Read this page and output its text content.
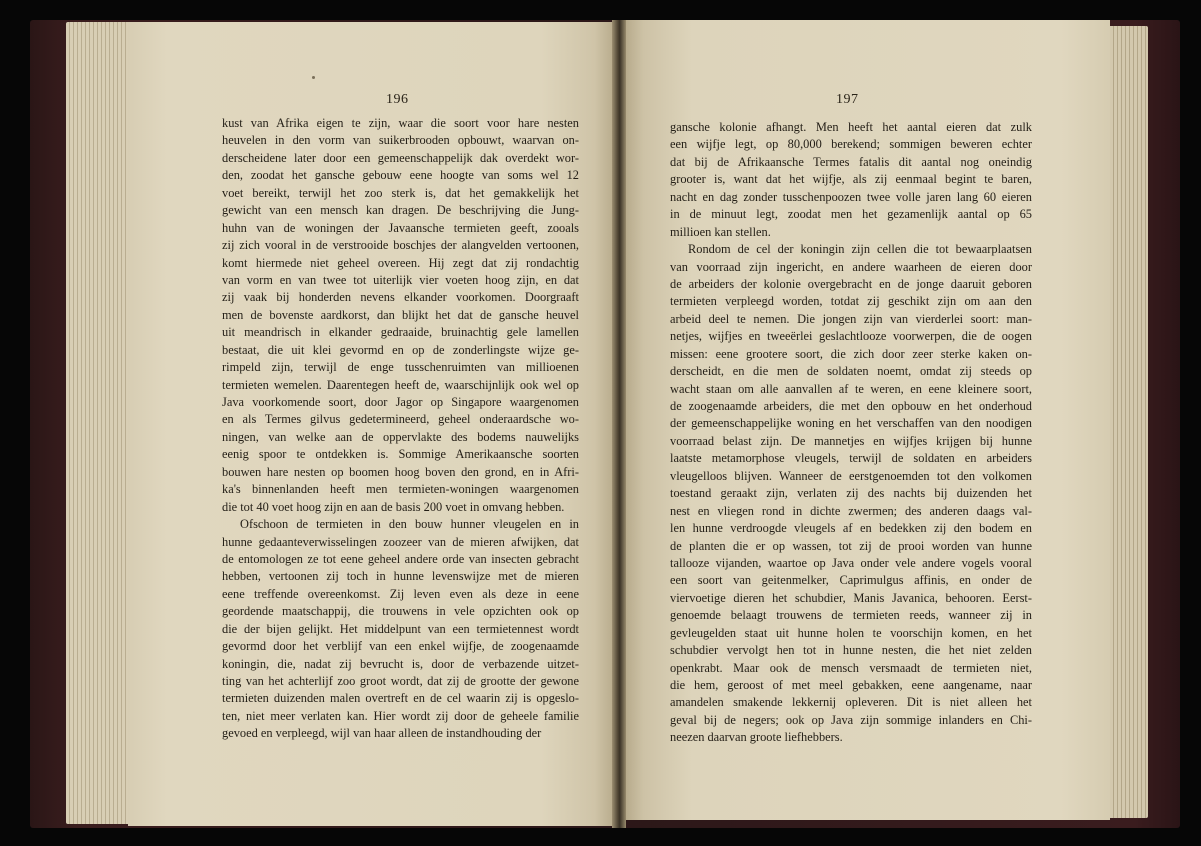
196	197
kust van Afrika eigen te zijn, waar die soort voor hare nesten
heuvelen in den vorm van suikerbrooden opbouwt, waarvan on-
derscheidene later door een gemeenschappelijk dak overdekt wor-
den, zoodat het gansche gebouw eene hoogte van soms wel 12
voet bereikt, terwijl het zoo sterk is, dat het gemakkelijk het
gewicht van een mensch kan dragen. De beschrijving die Jung-
huhn van de woningen der Javaansche termieten geeft, zooals
zij zich vooral in de verstrooide boschjes der alangvelden vertoonen,
komt hiermede niet geheel overeen. Hij zegt dat zij rondachtig
van vorm en van twee tot uiterlijk vier voeten hoog zijn, en dat
zij vaak bij honderden nevens elkander voorkomen. Doorgraaft
men de bovenste aardkorst, dan blijkt het dat de gansche heuvel
uit meandrisch in elkander gedraaide, bruinachtig gele lamellen
bestaat, die uit klei gevormd en op de zonderlingste wijze ge-
rimpeld zijn, terwijl de enge tusschenruimten van millioenen
termieten wemelen. Daarentegen heeft de, waarschijnlijk ook wel op
Java voorkomende soort, door Jagor op Singapore waargenomen
en als Termes gilvus gedetermineerd, geheel onderaardsche wo-
ningen, van welke aan de oppervlakte des bodems nauwelijks
eenig spoor te ontdekken is. Sommige Amerikaansche soorten
bouwen hare nesten op boomen hoog boven den grond, en in Afri-
ka's binnenlanden heeft men termieten-woningen waargenomen
die tot 40 voet hoog zijn en aan de basis 200 voet in omvang hebben.
Ofschoon de termieten in den bouw hunner vleugelen en in
hunne gedaanteverwisselingen zoozeer van de mieren afwijken, dat
de entomologen ze tot eene geheel andere orde van insecten gebracht
hebben, vertoonen zij toch in hunne levenswijze met de mieren
eene treffende overeenkomst. Zij leven even als deze in eene
geordende maatschappij, die trouwens in vele opzichten ook op
die der bijen gelijkt. Het middelpunt van een termietennest wordt
gevormd door het verblijf van een enkel wijfje, de zoogenaamde
koningin, die, nadat zij bevrucht is, door de verbazende uitzet-
ting van het achterlijf zoo groot wordt, dat zij de grootte der gewone
termieten duizenden malen overtreft en de cel waarin zij is opgeslo-
ten, niet meer verlaten kan. Hier wordt zij door de geheele familie
gevoed en verpleegd, wijl van haar alleen de instandhouding der
gansche kolonie afhangt. Men heeft het aantal eieren dat zulk
een wijfje legt, op 80,000 berekend; sommigen beweren echter
dat bij de Afrikaansche Termes fatalis dit aantal nog oneindig
grooter is, want dat het wijfje, als zij eenmaal begint te baren,
nacht en dag zonder tusschenpoozen twee volle jaren lang 60 eieren
in de minuut legt, zoodat men het gezamenlijk aantal op 65
millioen kan stellen.
Rondom de cel der koningin zijn cellen die tot bewaarplaatsen
van voorraad zijn ingericht, en andere waarheen de eieren door
de arbeiders der kolonie overgebracht en de jonge daaruit geboren
termieten verpleegd worden, totdat zij geschikt zijn om aan den
arbeid deel te nemen. Die jongen zijn van vierderlei soort: man-
netjes, wijfjes en tweeërlei geslachtlooze voorwerpen, die de oogen
missen: eene grootere soort, die zich door zeer sterke kaken on-
derscheidt, en die men de soldaten noemt, omdat zij steeds op
wacht staan om alle aanvallen af te weren, en eene kleinere soort,
de zoogenaamde arbeiders, die met den opbouw en het onderhoud
der gemeenschappelijke woning en het verschaffen van den noodigen
voorraad belast zijn. De mannetjes en wijfjes krijgen bij hunne
laatste metamorphose vleugels, terwijl de soldaten en arbeiders
vleugelloos blijven. Wanneer de eerstgenoemden tot den volkomen
toestand geraakt zijn, verlaten zij des nachts bij duizenden het
nest en vliegen rond in dichte zwermen; des anderen daags val-
len hunne verdroogde vleugels af en bedekken zij den bodem en
de planten die er op wassen, tot zij de prooi worden van hunne
tallooze vijanden, waartoe op Java onder vele andere vogels vooral
een soort van geitenmelker, Caprimulgus affinis, en onder de
viervoetige dieren het schubdier, Manis Javanica, behooren. Eerst-
genoemde belaagt trouwens de termieten reeds, wanneer zij in
gevleugelden staat uit hunne holen te voorschijn komen, en het
schubdier vervolgt hen tot in hunne nesten, die het niet zelden
openkrabt. Maar ook de mensch versmaadt de termieten niet,
die hem, geroost of met meel gebakken, eene aangename, naar
amandelen smakende lekkernij opleveren. Dit is niet alleen het
geval bij de negers; ook op Java zijn sommige inlanders en Chi-
neezen daarvan groote liefhebbers.
